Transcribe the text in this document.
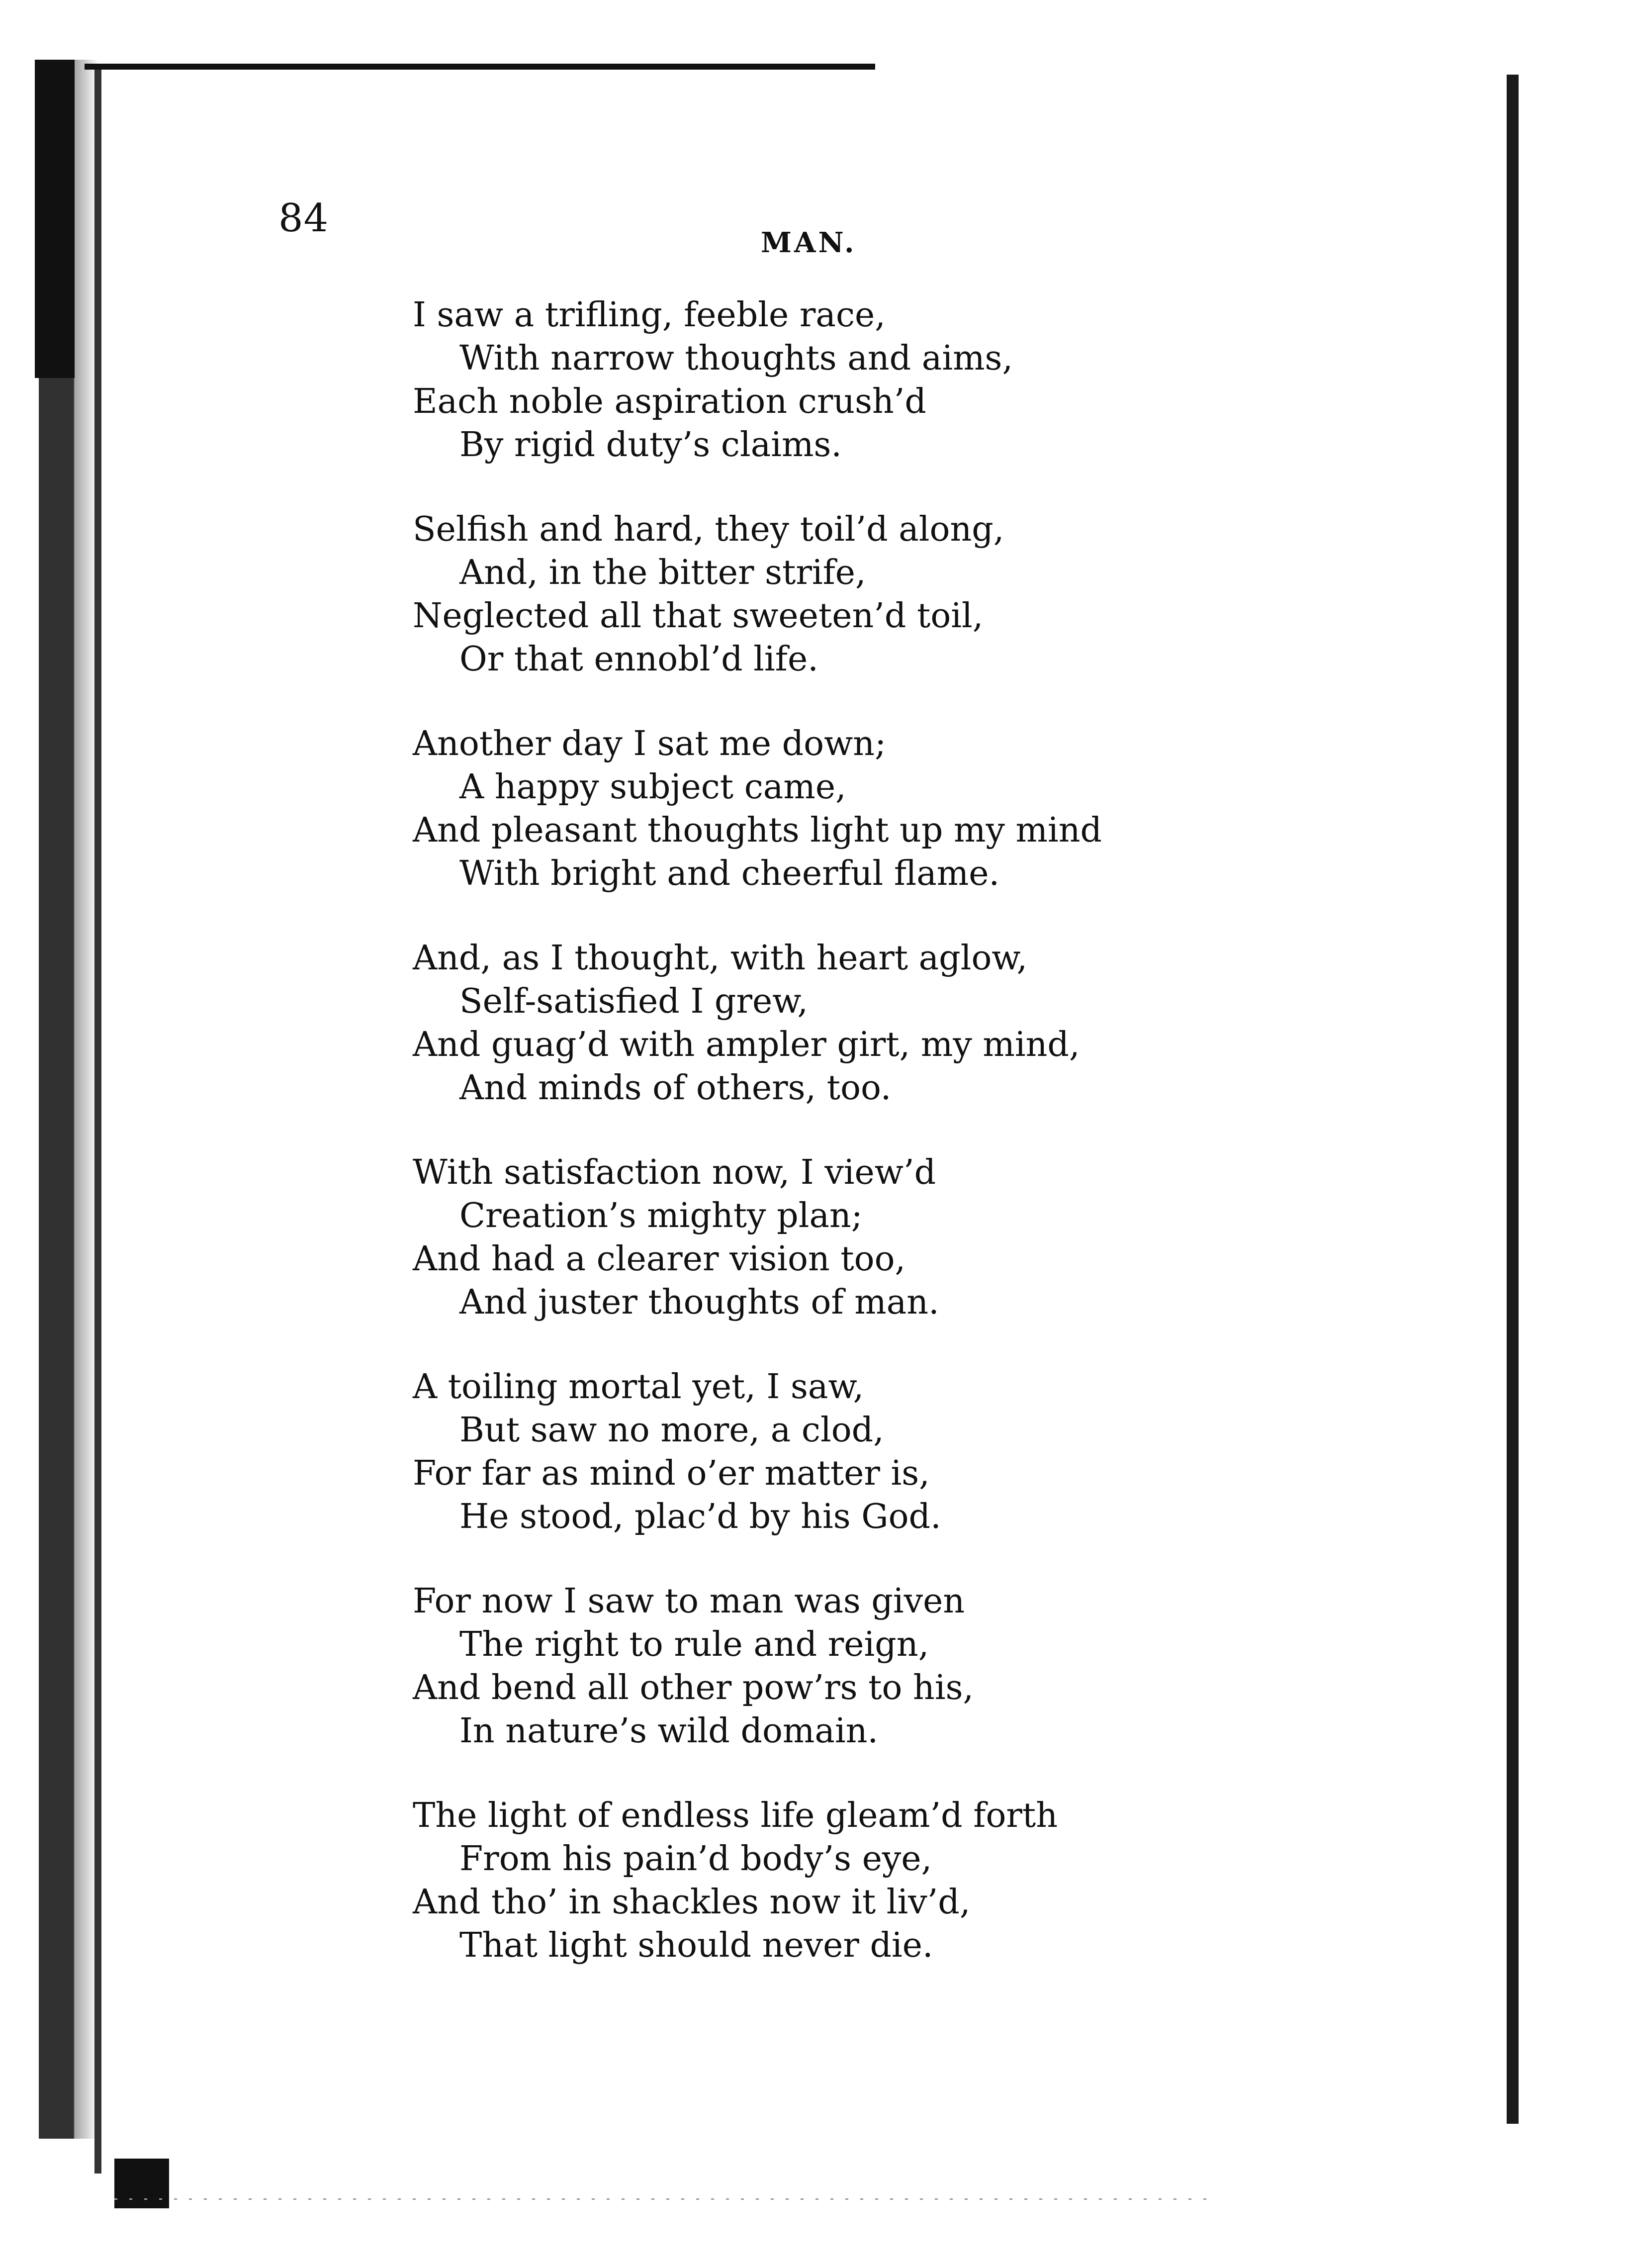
84
MAN.
I saw a trifling, feeble race,
With narrow thoughts and aims,
Each noble aspiration crush’d
By rigid duty’s claims.
Selfish and hard, they toil’d along,
And, in the bitter strife,
Neglected all that sweeten’d toil,
Or that ennobl’d life.
Another day I sat me down;
A happy subject came,
And pleasant thoughts light up my mind
With bright and cheerful flame.
And, as I thought, with heart aglow,
Self-satisfied I grew,
And guag’d with ampler girt, my mind,
And minds of others, too.
With satisfaction now, I view’d
Creation’s mighty plan;
And had a clearer vision too,
And juster thoughts of man.
A toiling mortal yet, I saw,
But saw no more, a clod,
For far as mind o’er matter is,
He stood, plac’d by his God.
For now I saw to man was given
The right to rule and reign,
And bend all other pow’rs to his,
In nature’s wild domain.
The light of endless life gleam’d forth
From his pain’d body’s eye,
And tho’ in shackles now it liv’d,
That light should never die.
